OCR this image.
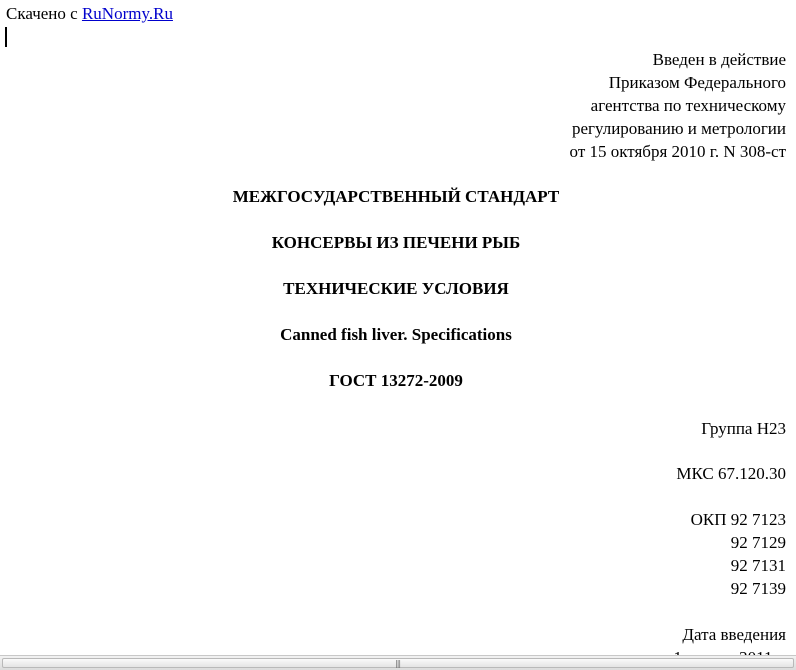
Скачено с RuNormy.Ru
Введен в действие
Приказом Федерального
агентства по техническому
регулированию и метрологии
от 15 октября 2010 г. N 308-ст
МЕЖГОСУДАРСТВЕННЫЙ СТАНДАРТ
КОНСЕРВЫ ИЗ ПЕЧЕНИ РЫБ
ТЕХНИЧЕСКИЕ УСЛОВИЯ
Canned fish liver. Specifications
ГОСТ 13272-2009
Группа Н23
МКС 67.120.30
ОКП 92 7123
92 7129
92 7131
92 7139
Дата введения
|||
